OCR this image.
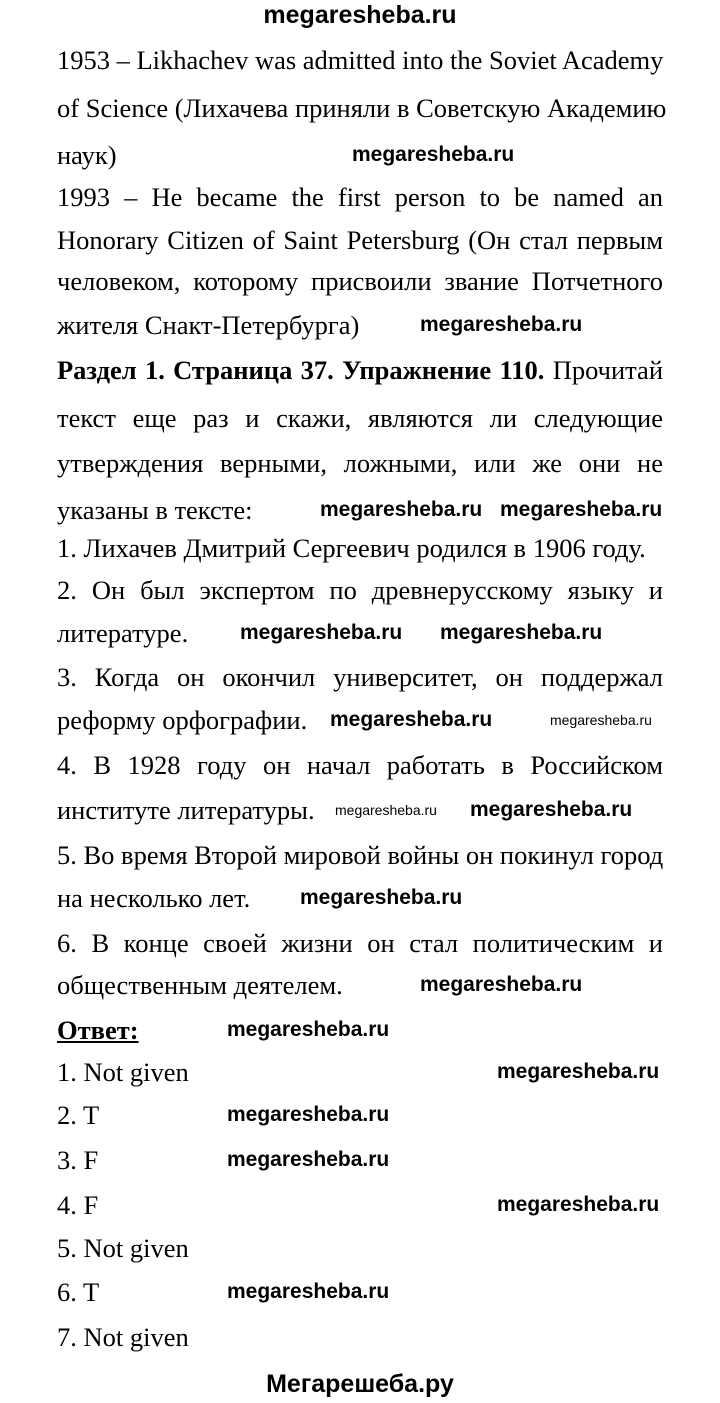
megaresheba.ru
1953 – Likhachev was admitted into the Soviet Academy
of Science (Лихачева приняли в Советскую Академию
наук)
1993 – He became the first person to be named an
Honorary Citizen of Saint Petersburg (Он стал первым
человеком, которому присвоили звание Потчетного
жителя Снакт-Петербурга)
Раздел 1. Страница 37. Упражнение 110. Прочитай
текст еще раз и скажи, являются ли следующие
утверждения верными, ложными, или же они не
указаны в тексте:
1. Лихачев Дмитрий Сергеевич родился в 1906 году.
2. Он был экспертом по древнерусскому языку и
литературе.
3. Когда он окончил университет, он поддержал
реформу орфографии.
4. В 1928 году он начал работать в Российском
институте литературы.
5. Во время Второй мировой войны он покинул город
на несколько лет.
6. В конце своей жизни он стал политическим и
общественным деятелем.
Ответ:
1. Not given
2. T
3. F
4. F
5. Not given
6. T
7. Not given
megaresheba.ru
megaresheba.ru
megaresheba.ru megaresheba.ru
megaresheba.ru megaresheba.ru
megaresheba.ru	megaresheba.ru
megaresheba.ru megaresheba.ru
megaresheba.ru
megaresheba.ru
megaresheba.ru
megaresheba.ru
megaresheba.ru
megaresheba.ru
megaresheba.ru
megaresheba.ru
Мегарешеба.ру
